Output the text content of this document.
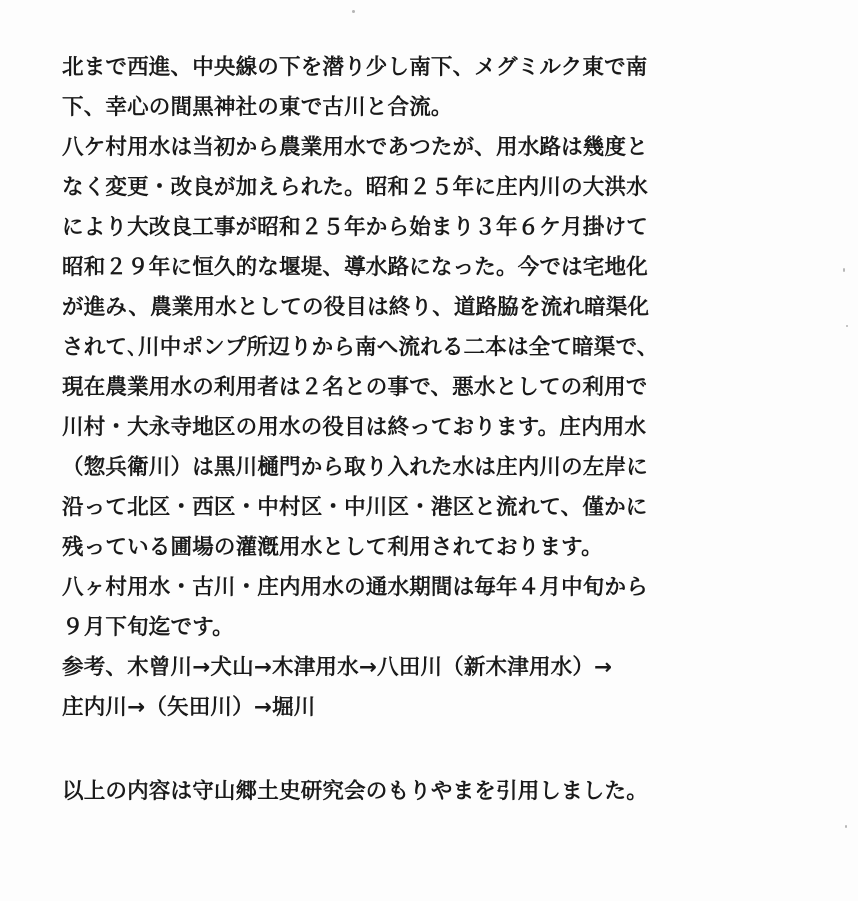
北まで西進、中央線の下を潜り少し南下、メグミルク東で南
下、幸心の間黒神社の東で古川と合流。
八ケ村用水は当初から農業用水であつたが、用水路は幾度と
なく変更・改良が加えられた。昭和２５年に庄内川の大洪水
により大改良工事が昭和２５年から始まり３年６ケ月掛けて
昭和２９年に恒久的な堰堤、導水路になった。今では宅地化
が進み、農業用水としての役目は終り、道路脇を流れ暗渠化
されて､川中ポンプ所辺りから南へ流れる二本は全て暗渠で、
現在農業用水の利用者は２名との事で、悪水としての利用で
川村・大永寺地区の用水の役目は終っております。庄内用水
（惣兵衛川）は黒川樋門から取り入れた水は庄内川の左岸に
沿って北区・西区・中村区・中川区・港区と流れて、僅かに
残っている圃場の灌漑用水として利用されております。
八ヶ村用水・古川・庄内用水の通水期間は毎年４月中旬から
９月下旬迄です。
参考、木曾川→犬山→木津用水→八田川（新木津用水）→
庄内川→（矢田川）→堀川
以上の内容は守山郷土史研究会のもりやまを引用しました。
